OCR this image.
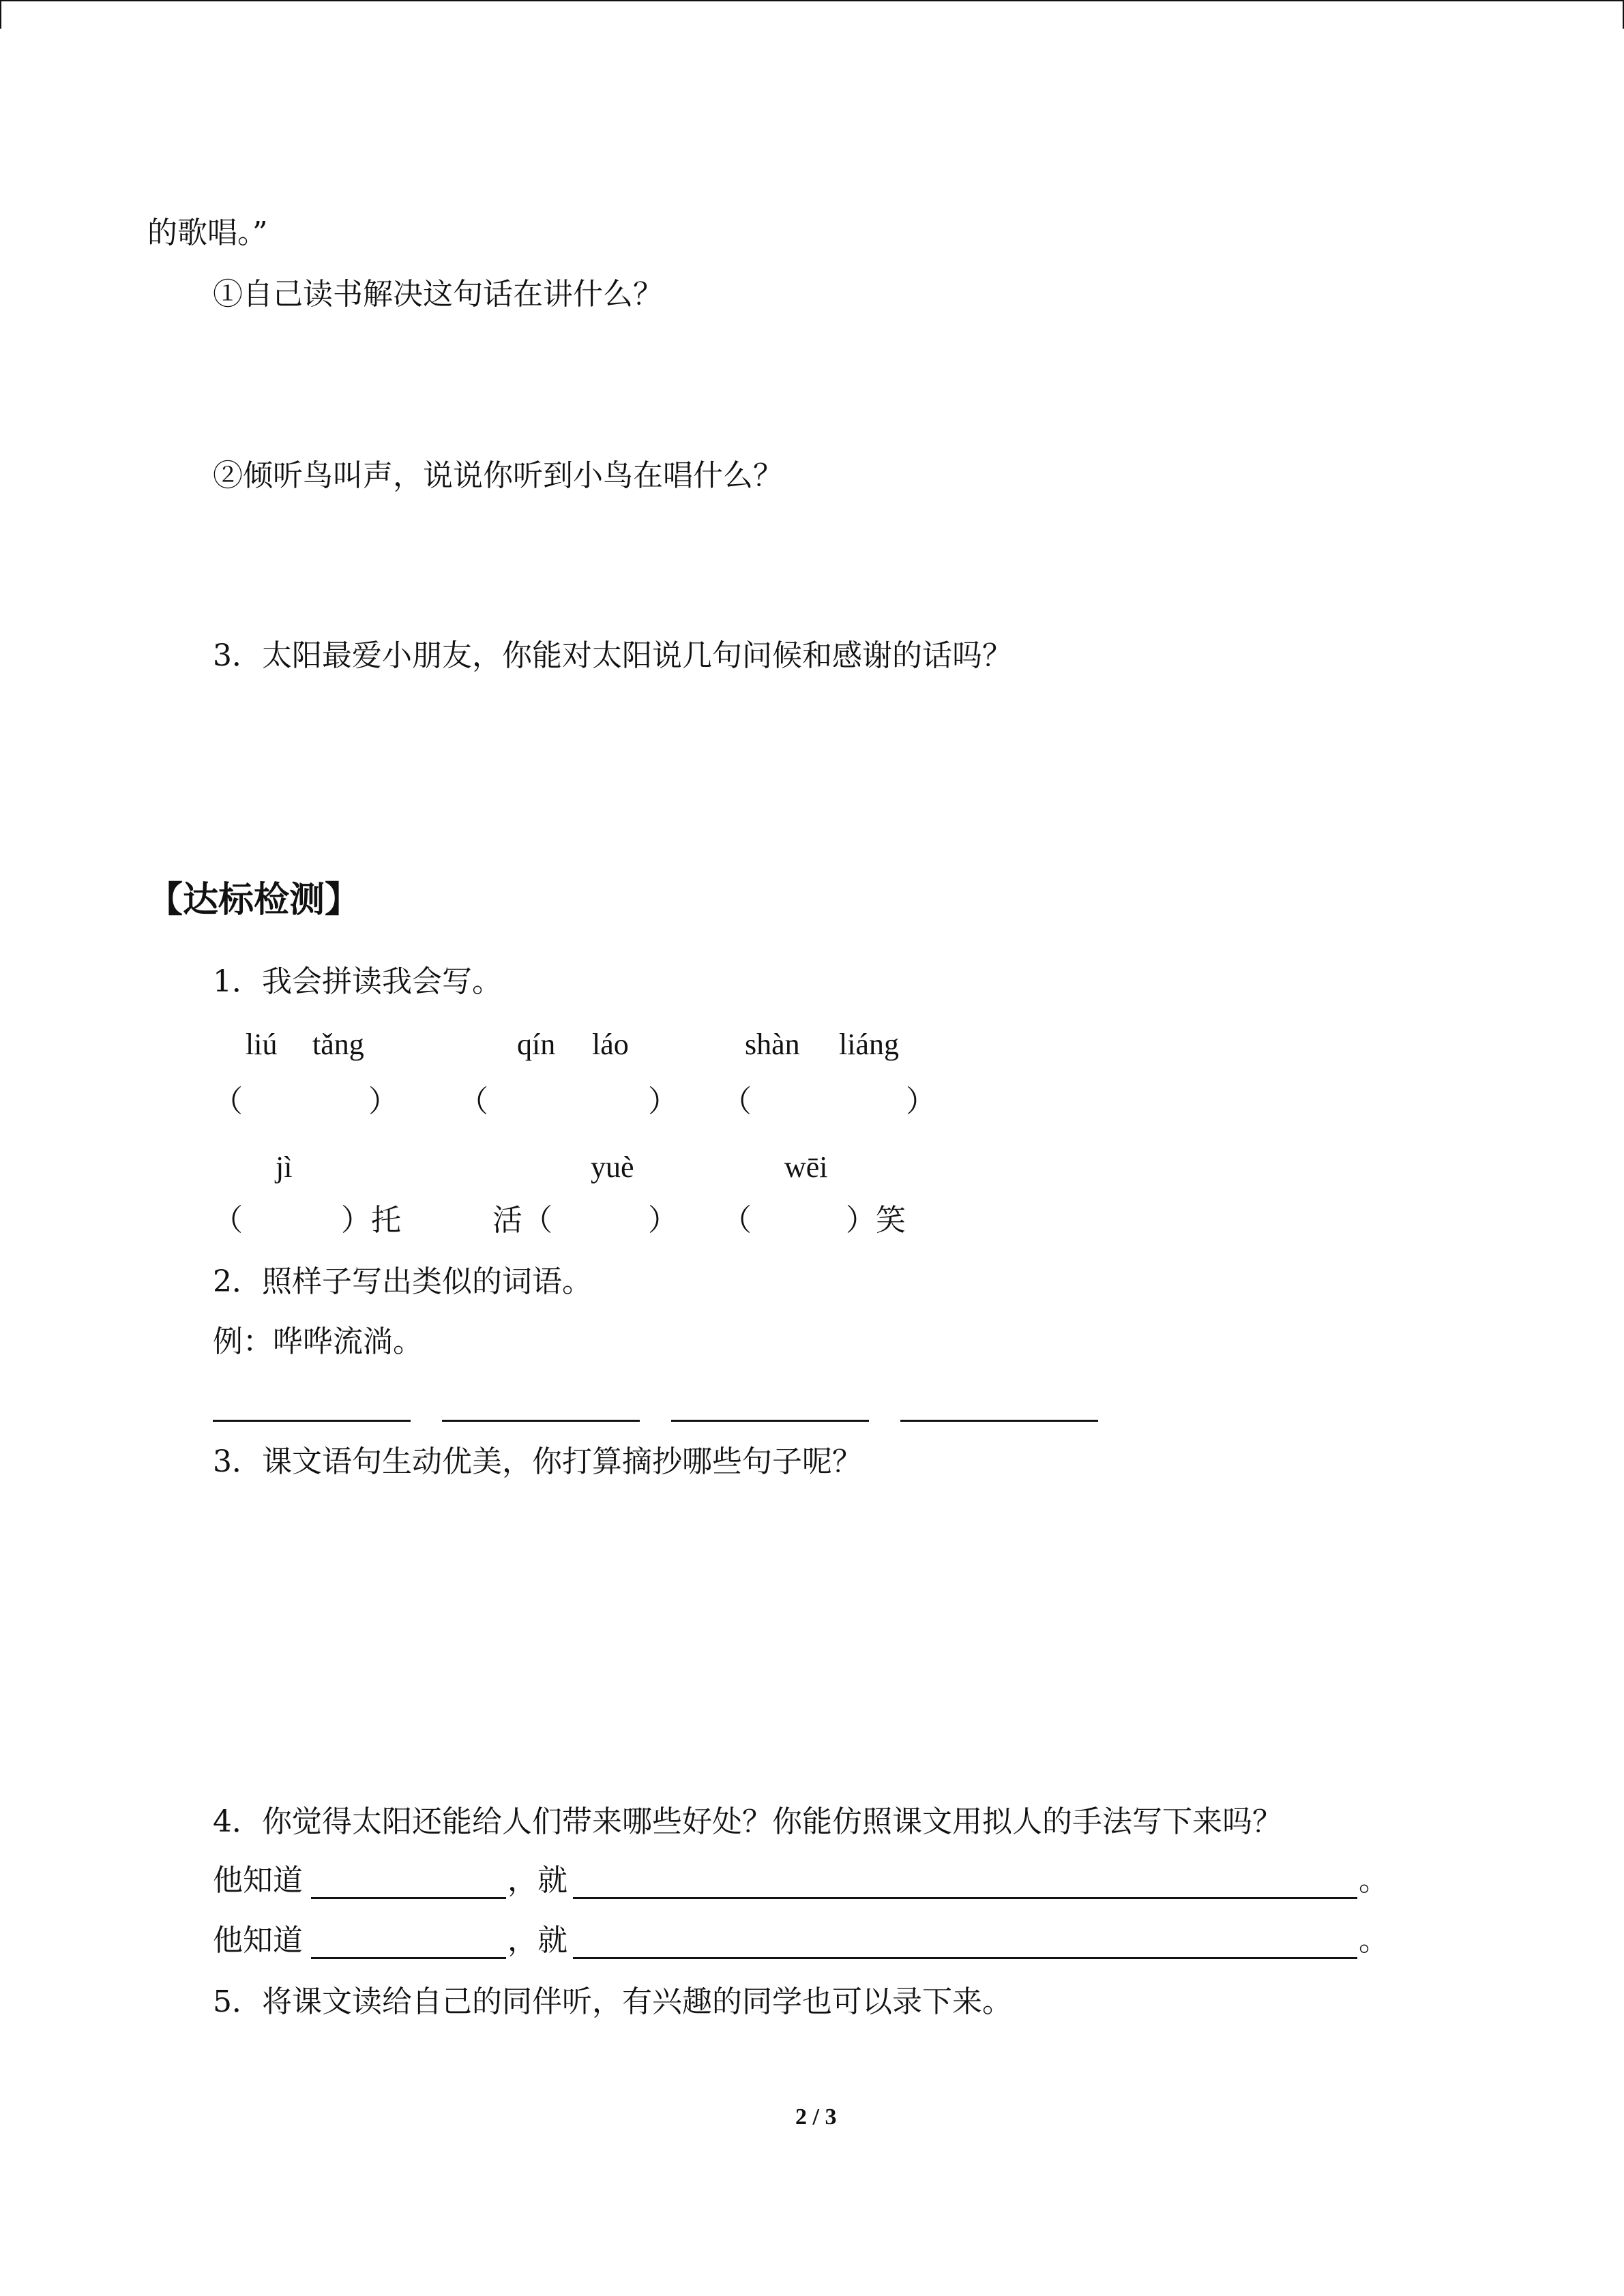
的歌唱。”
①自己读书解决这句话在讲什么？
②倾听鸟叫声，说说你听到小鸟在唱什么？
3．太阳最爱小朋友，你能对太阳说几句问候和感谢的话吗？
【达标检测】
1．我会拼读我会写。
liú tǎng	qín láo	shàn liáng
（	） （	） （	）
jì	yuè	wēi
（	）托	活（	） （	）笑
2．照样子写出类似的词语。
例：哗哗流淌。
3．课文语句生动优美，你打算摘抄哪些句子呢？
4．你觉得太阳还能给人们带来哪些好处？你能仿照课文用拟人的手法写下来吗？
他知道	，就	。
他知道	，就	。
5．将课文读给自己的同伴听，有兴趣的同学也可以录下来。
2 / 3
